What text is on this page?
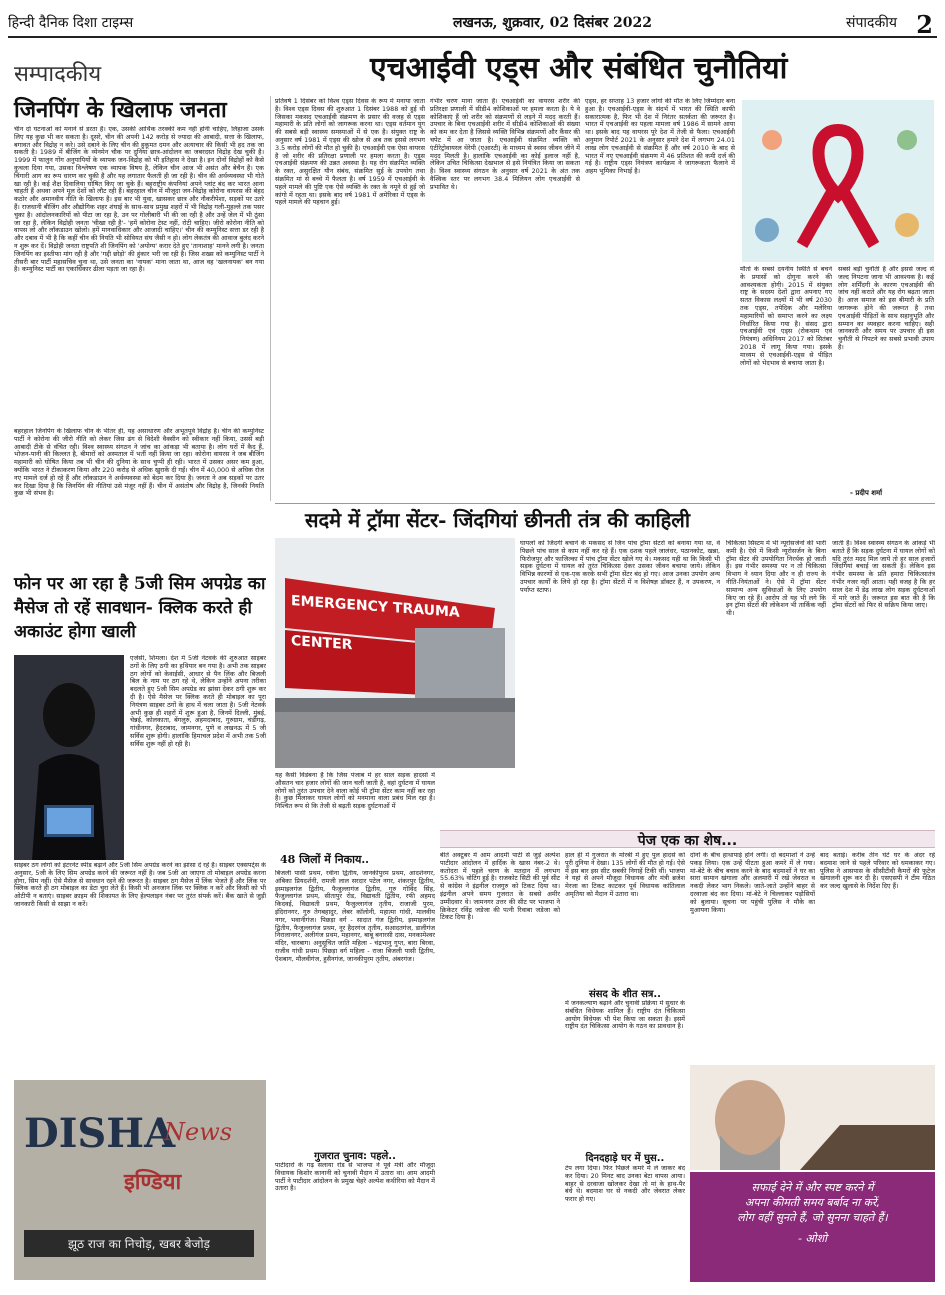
हिन्दी दैनिक दिशा टाइम्स	लखनऊ, शुक्रवार, 02 दिसंबर 2022	संपादकीय 2
सम्पादकीय
जिनपिंग के खिलाफ जनता
चीन दो घटनाओं को मनाने से डरता है। एक, उसकी आर्थिक तरक्की कम नहीं होनी चाहिए, लिहाजा उसके लिए यह कुछ भी कर सकता है। दूसरे, चीन की अपनी 142 करोड़ से ज्यादा की आबादी, सत्ता के खिलाफ, बगावत और विद्रोह न करे। उसे दबाने के लिए चीन की हुकूमत दमन और अत्याचार की किसी भी हद तक जा सकती है। 1989 में बीजिंग के थ्येनमेन चौक पर दुनिया छात्र-आंदोलन का जबरदस्त विद्रोह देख चुकी है। 1999 में फालुन गोंग अनुयायियों के व्यापक जन-विद्रोह को भी इतिहास ने देखा है। इन दोनों विद्रोहों को कैसे कुचला दिया गया, उसका विश्लेषण एक व्यापक विषय है, लेकिन चीन आज भी असंत और बेचैन है। एक चिंगारी आग का रूप धारण कर चुकी है और यह लगातार फैलती ही जा रही है। चीन की अर्थव्यवस्था भी गोते खा रही है। कई शैक्ष दिवालिया घोषित किए जा चुके हैं। बहराष्ट्रीय कंपनियां अपने प्लांट बंद कर भारत आना चाहती हैं अथवा अपने मूल देशों को लौट रही हैं। बहरहाल चीन में मौजूदा जन-विद्रोह कोरोना वायरस की बेहद कठोर और अमानवीय नीति के खिलाफ है। इस बार भी युवा, खासकर छात्र और नौकरीपेशा, सड़कों पर उतरे हैं। राजधानी बीजिंग और औद्योगिक शहर शंघाई के साथ-साथ प्रमुख शहरों में भी विद्रोह गली-मुहल्ले तक पसर चुका है। आंदोलनकारियों को पीटा जा रहा है, उन पर गोलीबारी भी की जा रही है और उन्हें जेल में भी ठूंसा जा रहा है, लेकिन विद्रोही जनता 'चीखा रही है'- 'हमें कोरोना टेस्ट नहीं, रोटी चाहिए। जीरो कोरोना नीति को वापस लो और लॉकडाउन खोलो। हमें मानवाधिकार और आजादी चाहिए।' चीन की कम्युनिस्ट सत्ता डर रही है और दबाव में भी है कि कहीं चीन की नियति भी सोवियत संघ जैसी न हो। लोग लेकतंत्र की आवाज बुलंद करने न शुरू कर दें। विद्रोही जनता राष्ट्रपति शी जिनपिंग को 'अयोग्य' करार देते हुए 'तानाशाह' मानने लगी है। जनता जिनपिंग का इस्तीफा मांग रही है और 'गद्दी छोड़ो' की हुंकार भरी जा रही है। जिस शख्स को कम्युनिस्ट पार्टी ने तीसरी बार पार्टी महासचिव चुना था, उसे जनता का 'नायक' माना जाता था, आज वह 'खलनायक' बन गया है। कम्युनिस्ट पार्टी का एकाधिकार ढीला पड़ता जा रहा है।
बहरहाल जिनपिंग के खिलाफ चीन के भीतर ही, यह असाधारण और अभूतपूर्व विद्रोह है। चीन की कम्युनिस्ट पार्टी ने कोरोना की जीरो नीति को लेकर जिस ढंग से विदेशी वैक्सीन को स्वीकार नहीं किया, उससे बड़ी आबादी टीके से वंचित रही। विश्व स्वास्थ्य संगठन ने जांच का आंकड़ा भी बताया है। लोग घरों में कैद हैं, भोजन-पानी की किल्लत है, बीमारों को अस्पताल में भर्ती नहीं किया जा रहा। कोरोना वायरस ने जब बीजिंग महामारी को घोषित किया तब भी चीन की दुनिया के साथ चुप्पी ही रही। भारत में उसका असर कम हुआ, क्योंकि भारत ने टीकाकरण किया और 220 करोड़ से अधिक खुराकें दी गईं। चीन में 40,000 से अधिक रोज नए मामले दर्ज हो रहे हैं और लॉकडाउन ने अर्थव्यवस्था को बेदम कर दिया है। जनता ने अब सड़कों पर उतर कर दिखा दिया है कि जिनपिंग की नीतियां उसे मंजूर नहीं हैं। चीन में असंतोष और विद्रोह है, जिनकी नियति कुछ भी संभव है।
फोन पर आ रहा है 5जी सिम अपग्रेड का मैसेज तो रहें सावधान- क्लिक करते ही अकाउंट होगा खाली
एजेंसी, शिमला। देश में 5जी नेटवर्क की शुरुआत साइबर ठगों के लिए ठगी का हथियार बन गया है। अभी तक साइबर ठग लोगों को केवाईसी, आधार से पैन लिंक और बिजली बिल के नाम पर ठग रहे थे, लेकिन उन्होंने अपना तरीका बदलते हुए 5जी सिम अपग्रेड का झांसा देकर ठगी शुरू कर दी है। ऐसे मैसेज पर क्लिक करते ही मोबाइल का पूरा नियंत्रण साइबर ठगों के हाथ में चला जाता है। 5जी नेटवर्क अभी कुछ ही शहरों में शुरू हुआ है, जिनमें दिल्ली, मुंबई, चेन्नई, कोलकाता, बेंगलुरु, अहमदाबाद, गुरुग्राम, चंडीगढ़, गांधीनगर, हैदराबाद, जामनगर, पुणे व लखनऊ में 5 जी सर्विस शुरू होगी। हालांकि हिमाचल प्रदेश में अभी तक 5जी सर्विस शुरू नहीं हो रही है।
साइबर ठग लोगों को इंटरनेट स्पीड बढ़ाने और 5जी सिम अपग्रेड करने का झांसा दे रहे हैं। साइबर एक्सपर्ट्स के अनुसार, 5जी के लिए सिम अपग्रेड करने की जरूरत नहीं है। जब 5जी आ जाएगा तो मोबाइल अपग्रेड करना होगा, सिम नहीं। ऐसे मैसेज से सावधान रहने की जरूरत है। साइबर ठग मैसेज में लिंक भेजते हैं और लिंक पर क्लिक करते ही ठग मोबाइल का डेटा चुरा लेते हैं। किसी भी अनजान लिंक पर क्लिक न करें और किसी को भी ओटीपी न बताएं। साइबर क्राइम की शिकायत के लिए हेल्पलाइन नंबर पर तुरंत संपर्क करें। बैंक खाते से जुड़ी जानकारी किसी से साझा न करें।
DISHA
News
इण्डिया
झूठ राज का निचोड़, खबर बेजोड़
एचआईवी एड्स और संबंधित चुनौतियां
प्रतिवर्ष 1 दिसंबर को विश्व एड्स दिवस के रूप में मनाया जाता है। विश्व एड्स दिवस की शुरुआत 1 दिसंबर 1988 को हुई थी जिसका मकसद एचआईवी संक्रमण के प्रसार की वजह से एड्स महामारी के प्रति लोगों को जागरूक करना था। एड्स वर्तमान युग की सबसे बड़ी स्वास्थ्य समस्याओं में से एक है। संयुक्त राष्ट्र के अनुसार वर्ष 1981 में एड्स की खोज से अब तक इससे लगभग 3.5 करोड़ लोगों की मौत हो चुकी है। एचआईवी एक ऐसा वायरस है जो शरीर की प्रतिरक्षा प्रणाली पर हमला करता है। एड्स एचआईवी संक्रमण की उन्नत अवस्था है। यह रोग संक्रमित व्यक्ति के रक्त, असुरक्षित यौन संबंध, संक्रमित सुई के उपयोग तथा संक्रमित मां से बच्चे में फैलता है। वर्ष 1959 में एचआईवी के पहले मामले की पुष्टि एक ऐसे व्यक्ति के रक्त के नमूने से हुई जो कांगो में रहता था। इसके बाद वर्ष 1981 में अमेरिका में एड्स के पहले मामले की पहचान हुई।
गंभीर चरण माना जाता है। एचआईवी का वायरस शरीर की प्रतिरक्षा प्रणाली में सीडी4 कोशिकाओं पर हमला करता है। ये वे कोशिकाएं हैं जो शरीर को संक्रमणों से लड़ने में मदद करती हैं। उपचार के बिना एचआईवी शरीर में सीडी4 कोशिकाओं की संख्या को कम कर देता है जिससे व्यक्ति विभिन्न संक्रमणों और कैंसर की चपेट में आ जाता है। एचआईवी संक्रमित व्यक्ति को एंटीरेट्रोवायरल थेरेपी (एआरटी) के माध्यम से स्वस्थ जीवन जीने में मदद मिलती है। हालांकि एचआईवी का कोई इलाज नहीं है, लेकिन उचित चिकित्सा देखभाल से इसे नियंत्रित किया जा सकता है। विश्व स्वास्थ्य संगठन के अनुसार वर्ष 2021 के अंत तक वैश्विक स्तर पर लगभग 38.4 मिलियन लोग एचआईवी से प्रभावित थे।
एड्स, हर सप्ताह 13 हजार लोगों की मौत के लिए जिम्मेदार बना हुआ है। एचआईवी-एड्स के संदर्भ में भारत की स्थिति काफी सकारात्मक है, फिर भी देश में निरंतर सतर्कता की जरूरत है। भारत में एचआईवी का पहला मामला वर्ष 1986 में सामने आया था। इसके बाद यह वायरस पूरे देश में तेजी से फैला। एचआईवी अनुमान रिपोर्ट 2021 के अनुसार हमारे देश में लगभग 24.01 लाख लोग एचआईवी से संक्रमित हैं और वर्ष 2010 के बाद से भारत में नए एचआईवी संक्रमण में 46 प्रतिशत की कमी दर्ज की गई है। राष्ट्रीय एड्स नियंत्रण कार्यक्रम ने जागरूकता फैलाने में अहम भूमिका निभाई है।
मौतों के सबसे दयनीय स्थिति से बचने के प्रयासों को दोगुना करने की आवश्यकता होगी। 2015 में संयुक्त राष्ट्र के सदस्य देशों द्वारा अपनाए गए सतत विकास लक्ष्यों में भी वर्ष 2030 तक एड्स, तपेदिक और मलेरिया महामारियों को समाप्त करने का लक्ष्य निर्धारित किया गया है। संसद द्वारा एचआईवी एवं एड्स (रोकथाम एवं नियंत्रण) अधिनियम 2017 को सितंबर 2018 में लागू किया गया। इसके माध्यम से एचआईवी-एड्स से पीड़ित लोगों को भेदभाव से बचाया जाता है।
सबसे बड़ी चुनौती है और इससे जल्द से जल्द निपटना जाना भी आवश्यक है। कई लोग शर्मिंदगी के कारण एचआईवी की जांच नहीं कराते और यह रोग बढ़ता जाता है। आज समाज को इस बीमारी के प्रति जागरूक होने की जरूरत है तथा एचआईवी पीड़ितों के साथ सहानुभूति और सम्मान का व्यवहार करना चाहिए। सही जानकारी और समय पर उपचार ही इस चुनौती से निपटने का सबसे प्रभावी उपाय है।
- प्रदीप शर्मा
सदमे में ट्रॉमा सेंटर- जिंदगियां छीनती तंत्र की काहिली
EMERGENCY TRAUMA CENTER
यह कैसी विडंबना है कि जिस पंजाब में हर साल सड़क हादसों में औसतन चार हजार लोगों की जान चली जाती है, वहां दुर्घटना में घायल लोगों को तुरंत उपचार देने वाला कोई भी ट्रॉमा सेंटर काम नहीं कर रहा है। कुछ मिलाकर घायल लोगों को मनमाना वाला प्रबंध मिल रहा है। निश्चित रूप से कि तेजी से बढ़ती सड़क दुर्घटनाओं में
घायलों को जिंदगी बचाने के मकसद से जिन पांच ट्रॉमा सेंटरों को बनाया गया था, वे पिछले पांच साल से काम नहीं कर रहे हैं। एक दशक पहले जालंधर, पठानकोट, खन्ना, फिरोजपुर और फाजिल्का में पांच ट्रॉमा सेंटर खोले गए थे। मकसद यही था कि किसी भी सड़क दुर्घटना में घायल को तुरंत चिकित्सा देकर उसका जीवन बचाया जाये। लेकिन विभिन्न कारणों से एक-एक करके सभी ट्रॉमा सेंटर बंद हो गए। आज उनका उपयोग अन्य उपचार कार्यों के लिये हो रहा है। ट्रॉमा सेंटरों में न विशेषज्ञ डॉक्टर हैं, न उपकरण, न पर्याप्त स्टाफ।
चिकित्सा सिस्टम में भी न्यूरोसर्जनों की भारी कमी है। ऐसे में किसी न्यूरोसर्जन के बिना ट्रॉमा सेंटर की उपयोगिता निरर्थक हो जाती है। इस गंभीर समस्या पर न तो चिकित्सा विभाग ने ध्यान दिया और न ही राज्य के नीति-नियंताओं ने। ऐसे में ट्रॉमा सेंटर सामान्य अन्य सुविधाओं के लिए उपयोग किए जा रहे हैं। आरोप तो यह भी लगे कि इन ट्रॉमा सेंटरों की लोकेशन भी तार्किक नहीं थी।
जाती है। विश्व स्वास्थ्य संगठन के आंकड़े भी बताते हैं कि सड़क दुर्घटना में घायल लोगों को यदि तुरंत मदद मिल जाये तो हर साल हजारों जिंदगियां बचाई जा सकती हैं। लेकिन इस गंभीर समस्या के प्रति हमारा चिकित्सातंत्र गंभीर नजर नहीं आता। यही वजह है कि हर साल देश में डेढ़ लाख लोग सड़क दुर्घटनाओं में मारे जाते हैं। जरूरत इस बात की है कि ट्रॉमा सेंटरों को फिर से सक्रिय किया जाए।
पेज एक का शेष...
48 जिलों में निकाय..
बिजली पासी प्रथम, रवीना द्वितीय, जानकीपुरम प्रथम, आदर्शनगर, अंबिका प्रियदर्शनी, रामजी लाल सरदार पटेल नगर, शंकरपुर द्वितीय, इस्माइलगंज द्वितीय, फैजुल्लागंज द्वितीय, गुरु गोविंद सिंह, फैजुल्लागंज प्रथम, सीतापुर रोड, विद्यावती द्वितीय, रफी अहमद किदवई, विद्यावती प्रथम, फैजुल्लागंज तृतीय, राजाजी पुरम, इंदिरानगर, गुरु तेगबहादुर, लेबर कॉलोनी, महात्मा गांधी, मालवीय नगर, भवानीगंज। पिछड़ा वर्ग - सादात गंज द्वितीय, इस्माइलगंज द्वितीय, फैजुल्लागंज प्रथम, नूर हैदरगंज तृतीय, सआदतगंज, डालीगंज निरालानगर, अलीगंज प्रथम, महानगर, बाबू बनारसी दास, मनकामेश्वर मंदिर, चारबाग। अनुसूचित जाति महिला - चंद्रभानु गुप्त, बारा बिरवा, राजीव गांधी प्रथम। पिछड़ा वर्ग महिला - राजा बिजली पासी द्वितीय, ऐशबाग, मौलवीगंज, हुसैनगंज, जानकीपुरम तृतीय, अंबरगंज।
गुजरात चुनाव: पहले..
पाटीदारों के गढ़ सलाया रोड से भाजपा ने पूर्व मंत्री और मौजूदा विधायक किशोर कानानी को चुनावी मैदान में उतारा था। आम आदमी पार्टी ने पाटीदार आंदोलन के प्रमुख चेहरे अल्पेश कथीरिया को मैदान में उतारा है।
बीते अक्टूबर में आम आदमी पार्टी से जुड़े अल्पेश पाटीदार आंदोलन में हार्दिक के खास नंबर-2 थे। कतोदरा में पहले चरण के मतदान में लगभग 55.63% वोटिंग हुई है। राजकोट सिटी की पूर्व सीट से कांग्रेस ने इंद्रनील राजगुरु को टिकट दिया था। इंद्रनील अपने समय गुजरात के सबसे अमीर उम्मीदवार थे। जामनगर उत्तर की सीट पर भाजपा ने क्रिकेटर रविंद्र जडेजा की पत्नी रिवाबा जडेजा को टिकट दिया है।
हाल ही में गुजरात के मोरबी में हुए पुल हादसे को पूरी दुनिया ने देखा। 135 लोगों की मौत हो गई। ऐसे में इस बार इस सीट सबकी निगाहें टिकी थीं। भाजपा ने यहां से अपने मौजूदा विधायक और मंत्री ब्रजेश मेरजा का टिकट काटकर पूर्व विधायक कांतिलाल अमृतिया को मैदान में उतारा था।
संसद के शीत सत्र..
में जनकल्याण बढ़ाने और चुनावी प्रक्रिया में सुधार के संबंधित विधेयक शामिल हैं। राष्ट्रीय दंत चिकित्सा आयोग विधेयक भी पेश किया जा सकता है। इसमें राष्ट्रीय दंत चिकित्सा आयोग के गठन का प्रावधान है।
दिनदहाड़े घर में घुस..
टेप लगा दिया। फिर पिछले कमरे में ले जाकर बंद कर दिया। 20 मिनट बाद उनका बेटा वापस आया। बाहर से दरवाजा खोलकर देखा तो मां के हाथ-पैर बंधे थे। बदमाश घर से नकदी और जेवरात लेकर फरार हो गए।
दोनों के बीच हाथापाई होने लगी। दो बदमाशों ने उन्हें पकड़ लिया। एक उन्हें पीटता हुआ कमरे में ले गया। मां-बेटे के बीच बचाव करने के बाद बदमाशों ने घर का सारा सामान खंगाला और अलमारी में रखे जेवरात व नकदी लेकर भाग निकले। जाते-जाते उन्होंने बाहर से दरवाजा बंद कर दिया। मां-बेटे ने चिल्लाकर पड़ोसियों को बुलाया। सूचना पर पहुंची पुलिस ने मौके का मुआयना किया।
बाद बताई। करीब तीन घंटे घर के अंदर रहे बदमाश जाने से पहले परिवार को धमकाकर गए। पुलिस ने आसपास के सीसीटीवी कैमरों की फुटेज खंगालनी शुरू कर दी है। एसएसपी ने टीम गठित कर जल्द खुलासे के निर्देश दिए हैं।
सफाई देने में और स्पष्ट करने में
अपना कीमती समय बर्बाद ना करें,
लोग वहीं सुनते हैं, जो सुनना चाहते हैं।
- ओशो
